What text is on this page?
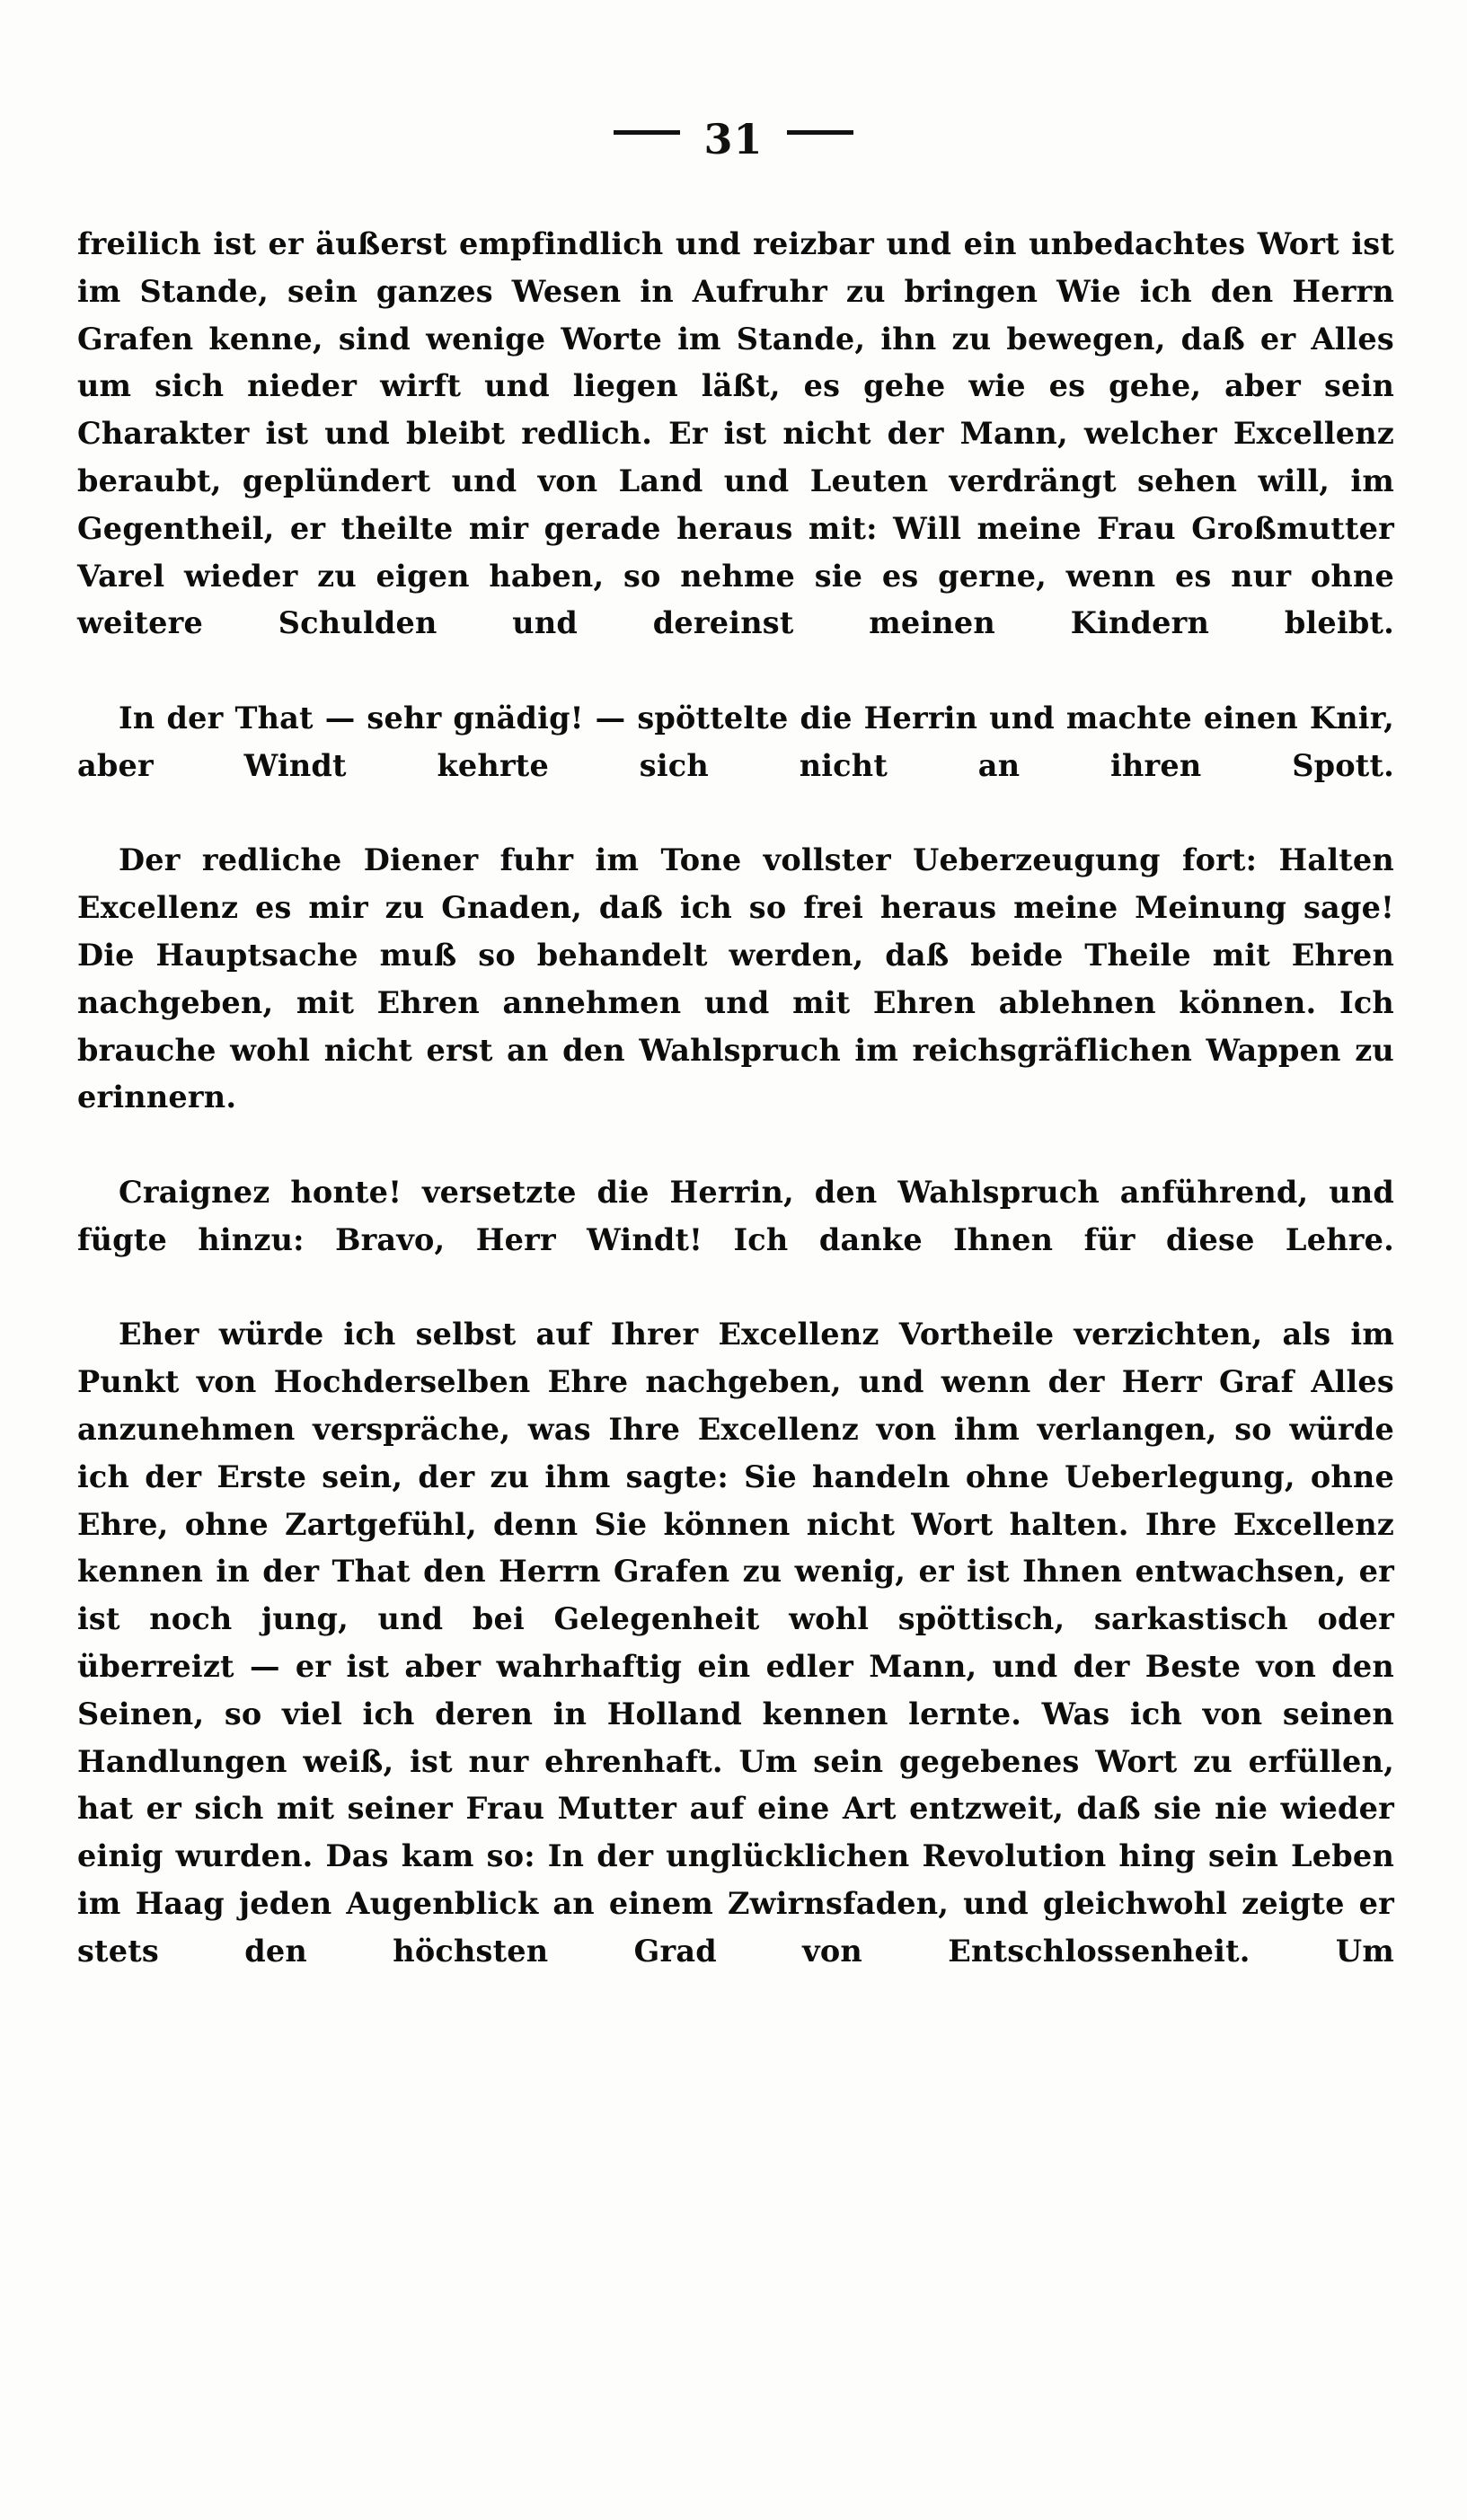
31

freilich ist er äußerst empfindlich und reizbar und ein unbedachtes Wort ist im Stande, sein ganzes Wesen in Aufruhr zu bringen Wie ich den Herrn Grafen kenne, sind wenige Worte im Stande, ihn zu bewegen, daß er Alles um sich nieder wirft und liegen läßt, es gehe wie es gehe, aber sein Charakter ist und bleibt redlich. Er ist nicht der Mann, welcher Excellenz beraubt, geplündert und von Land und Leuten verdrängt sehen will, im Gegentheil, er theilte mir gerade heraus mit: Will meine Frau Großmutter Varel wieder zu eigen haben, so nehme sie es gerne, wenn es nur ohne weitere Schulden und dereinst meinen Kindern bleibt.

In der That — sehr gnädig! — spöttelte die Herrin und machte einen Knir, aber Windt kehrte sich nicht an ihren Spott.

Der redliche Diener fuhr im Tone vollster Ueberzeugung fort: Halten Excellenz es mir zu Gnaden, daß ich so frei heraus meine Meinung sage! Die Hauptsache muß so behandelt werden, daß beide Theile mit Ehren nachgeben, mit Ehren annehmen und mit Ehren ablehnen können. Ich brauche wohl nicht erst an den Wahlspruch im reichsgräflichen Wappen zu erinnern.

Craignez honte! versetzte die Herrin, den Wahlspruch anführend, und fügte hinzu: Bravo, Herr Windt! Ich danke Ihnen für diese Lehre.

Eher würde ich selbst auf Ihrer Excellenz Vortheile verzichten, als im Punkt von Hochderselben Ehre nachgeben, und wenn der Herr Graf Alles anzunehmen verspräche, was Ihre Excellenz von ihm verlangen, so würde ich der Erste sein, der zu ihm sagte: Sie handeln ohne Ueberlegung, ohne Ehre, ohne Zartgefühl, denn Sie können nicht Wort halten. Ihre Excellenz kennen in der That den Herrn Grafen zu wenig, er ist Ihnen entwachsen, er ist noch jung, und bei Gelegenheit wohl spöttisch, sarkastisch oder überreizt — er ist aber wahrhaftig ein edler Mann, und der Beste von den Seinen, so viel ich deren in Holland kennen lernte. Was ich von seinen Handlungen weiß, ist nur ehrenhaft. Um sein gegebenes Wort zu erfüllen, hat er sich mit seiner Frau Mutter auf eine Art entzweit, daß sie nie wieder einig wurden. Das kam so: In der unglücklichen Revolution hing sein Leben im Haag jeden Augenblick an einem Zwirnsfaden, und gleichwohl zeigte er stets den höchsten Grad von Entschlossenheit. Um
